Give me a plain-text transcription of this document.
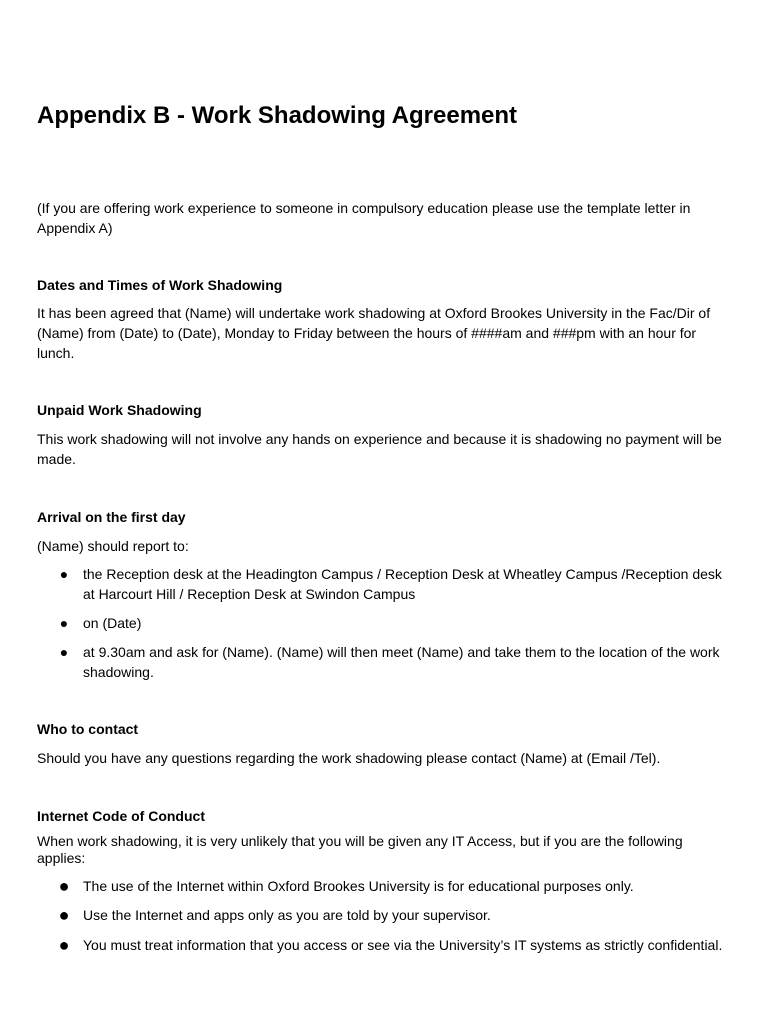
Appendix B - Work Shadowing Agreement

(If you are offering work experience to someone in compulsory education please use the template letter in Appendix A)

Dates and Times of Work Shadowing

It has been agreed that (Name) will undertake work shadowing at Oxford Brookes University in the Fac/Dir of (Name) from (Date) to (Date), Monday to Friday between the hours of ####am and ###pm with an hour for lunch.

Unpaid Work Shadowing

This work shadowing will not involve any hands on experience and because it is shadowing no payment will be made.

Arrival on the first day

(Name) should report to:

● the Reception desk at the Headington Campus / Reception Desk at Wheatley Campus /Reception desk at Harcourt Hill / Reception Desk at Swindon Campus
● on (Date)
● at 9.30am and ask for (Name). (Name) will then meet (Name) and take them to the location of the work shadowing.
Who to contact

Should you have any questions regarding the work shadowing please contact (Name) at (Email /Tel).

Internet Code of Conduct

When work shadowing, it is very unlikely that you will be given any IT Access, but if you are the following applies:

● The use of the Internet within Oxford Brookes University is for educational purposes only.
● Use the Internet and apps only as you are told by your supervisor.
● You must treat information that you access or see via the University’s IT systems as strictly confidential.
